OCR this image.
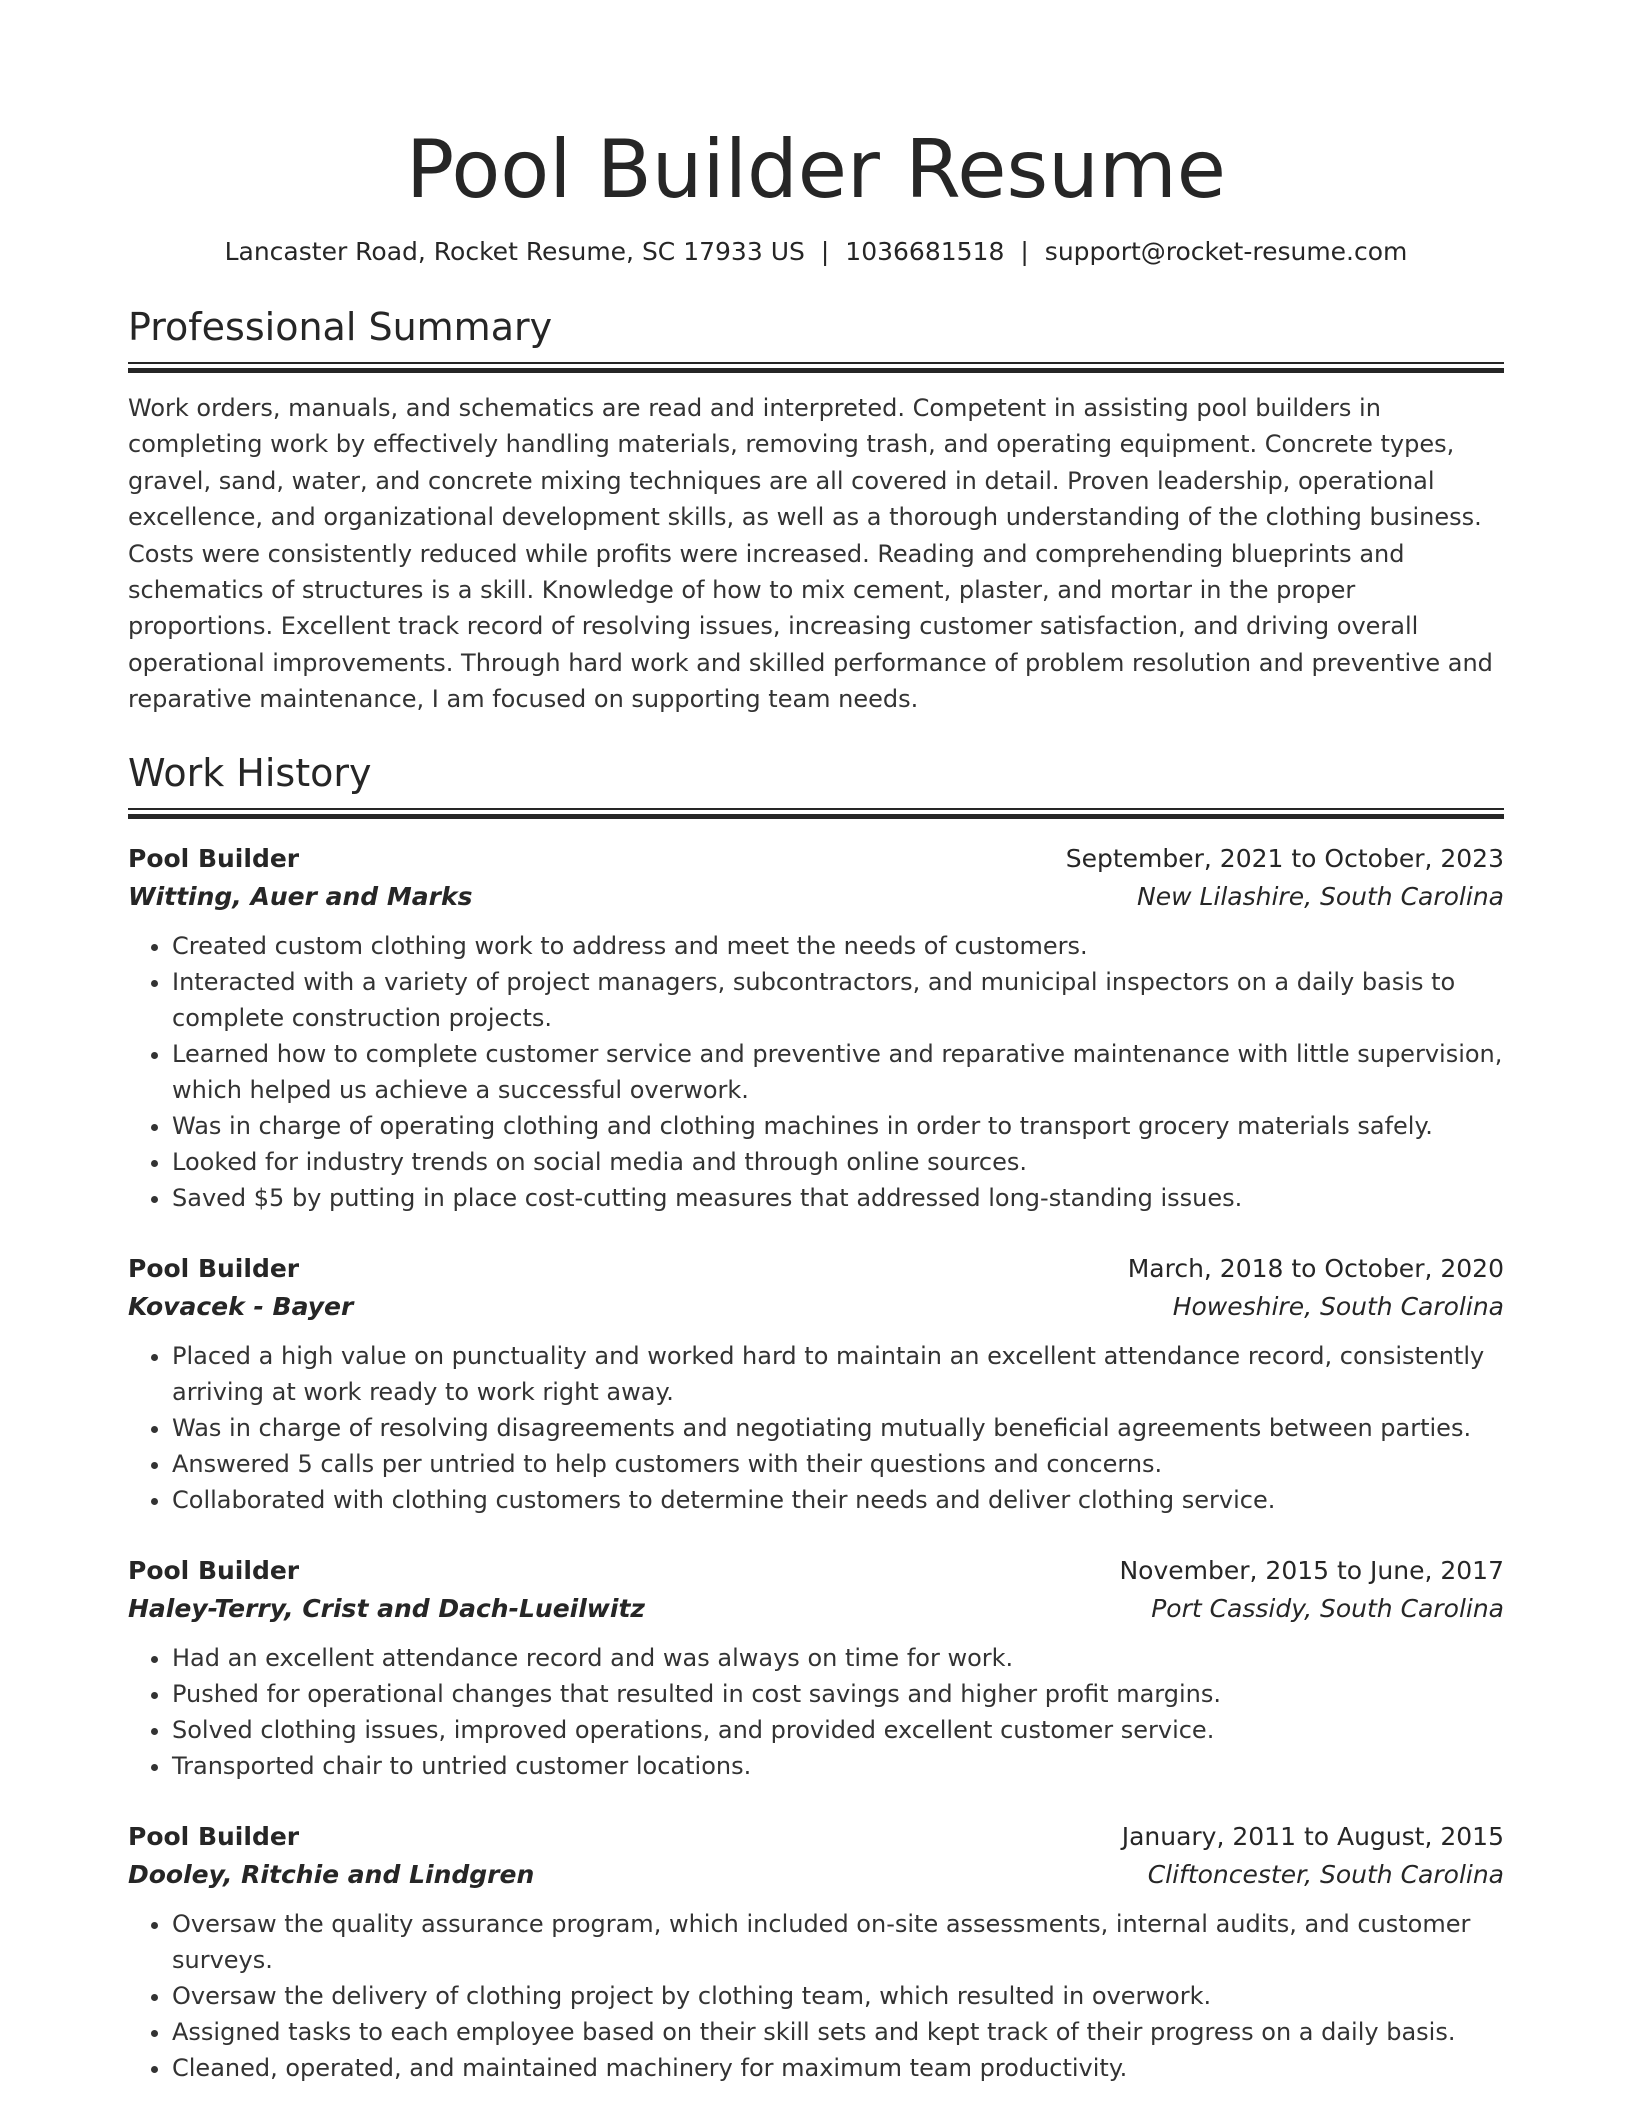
Pool Builder Resume
Lancaster Road, Rocket Resume, SC 17933 US | 1036681518 | support@rocket-resume.com
Professional Summary

Work orders, manuals, and schematics are read and interpreted. Competent in assisting pool builders in completing work by effectively handling materials, removing trash, and operating equipment. Concrete types, gravel, sand, water, and concrete mixing techniques are all covered in detail. Proven leadership, operational excellence, and organizational development skills, as well as a thorough understanding of the clothing business. Costs were consistently reduced while profits were increased. Reading and comprehending blueprints and schematics of structures is a skill. Knowledge of how to mix cement, plaster, and mortar in the proper proportions. Excellent track record of resolving issues, increasing customer satisfaction, and driving overall operational improvements. Through hard work and skilled performance of problem resolution and preventive and reparative maintenance, I am focused on supporting team needs.

Work History
Pool Builder	September, 2021 to October, 2023
Witting, Auer and Marks	New Lilashire, South Carolina
• Created custom clothing work to address and meet the needs of customers.
• Interacted with a variety of project managers, subcontractors, and municipal inspectors on a daily basis to complete construction projects.
• Learned how to complete customer service and preventive and reparative maintenance with little supervision, which helped us achieve a successful overwork.
• Was in charge of operating clothing and clothing machines in order to transport grocery materials safely.
• Looked for industry trends on social media and through online sources.
• Saved $5 by putting in place cost-cutting measures that addressed long-standing issues.
Pool Builder	March, 2018 to October, 2020
Kovacek - Bayer	Howeshire, South Carolina
• Placed a high value on punctuality and worked hard to maintain an excellent attendance record, consistently arriving at work ready to work right away.
• Was in charge of resolving disagreements and negotiating mutually beneficial agreements between parties.
• Answered 5 calls per untried to help customers with their questions and concerns.
• Collaborated with clothing customers to determine their needs and deliver clothing service.
Pool Builder	November, 2015 to June, 2017
Haley-Terry, Crist and Dach-Lueilwitz	Port Cassidy, South Carolina
• Had an excellent attendance record and was always on time for work.
• Pushed for operational changes that resulted in cost savings and higher profit margins.
• Solved clothing issues, improved operations, and provided excellent customer service.
• Transported chair to untried customer locations.
Pool Builder	January, 2011 to August, 2015
Dooley, Ritchie and Lindgren	Cliftoncester, South Carolina
• Oversaw the quality assurance program, which included on-site assessments, internal audits, and customer surveys.
• Oversaw the delivery of clothing project by clothing team, which resulted in overwork.
• Assigned tasks to each employee based on their skill sets and kept track of their progress on a daily basis.
• Cleaned, operated, and maintained machinery for maximum team productivity.
